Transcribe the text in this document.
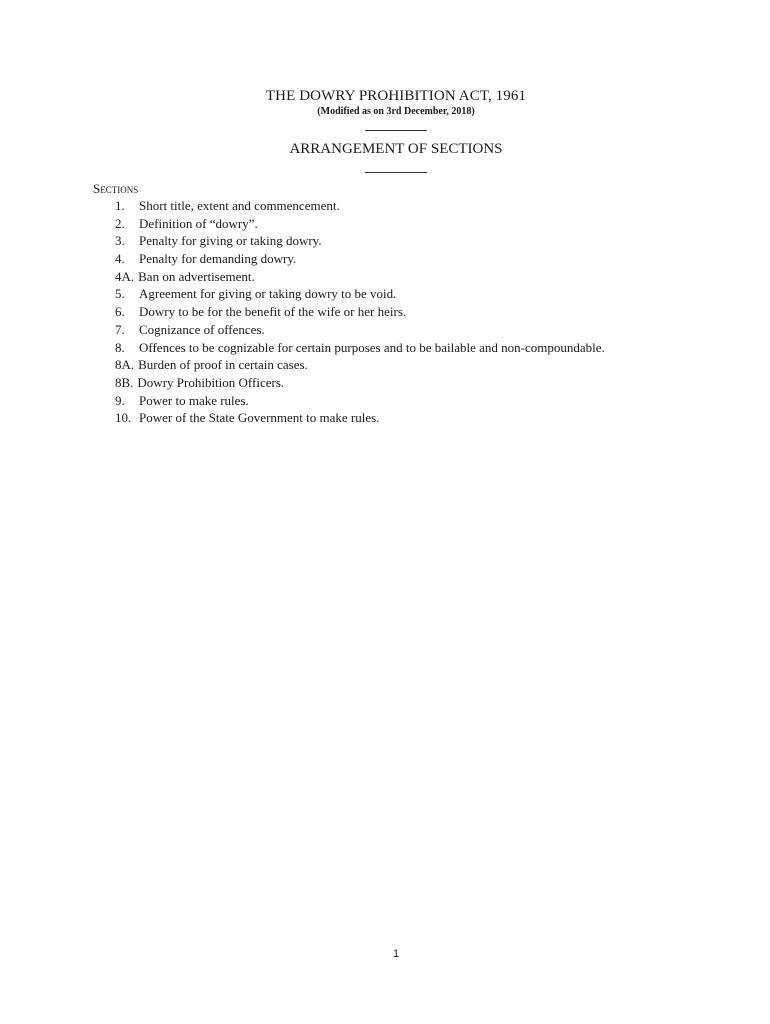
THE DOWRY PROHIBITION ACT, 1961
(Modified as on 3rd December, 2018)
ARRANGEMENT OF SECTIONS
Sections
1. Short title, extent and commencement.
2. Definition of “dowry”.
3. Penalty for giving or taking dowry.
4. Penalty for demanding dowry.
4A. Ban on advertisement.
5. Agreement for giving or taking dowry to be void.
6. Dowry to be for the benefit of the wife or her heirs.
7. Cognizance of offences.
8. Offences to be cognizable for certain purposes and to be bailable and non-compoundable.
8A. Burden of proof in certain cases.
8B. Dowry Prohibition Officers.
9. Power to make rules.
10. Power of the State Government to make rules.
1
